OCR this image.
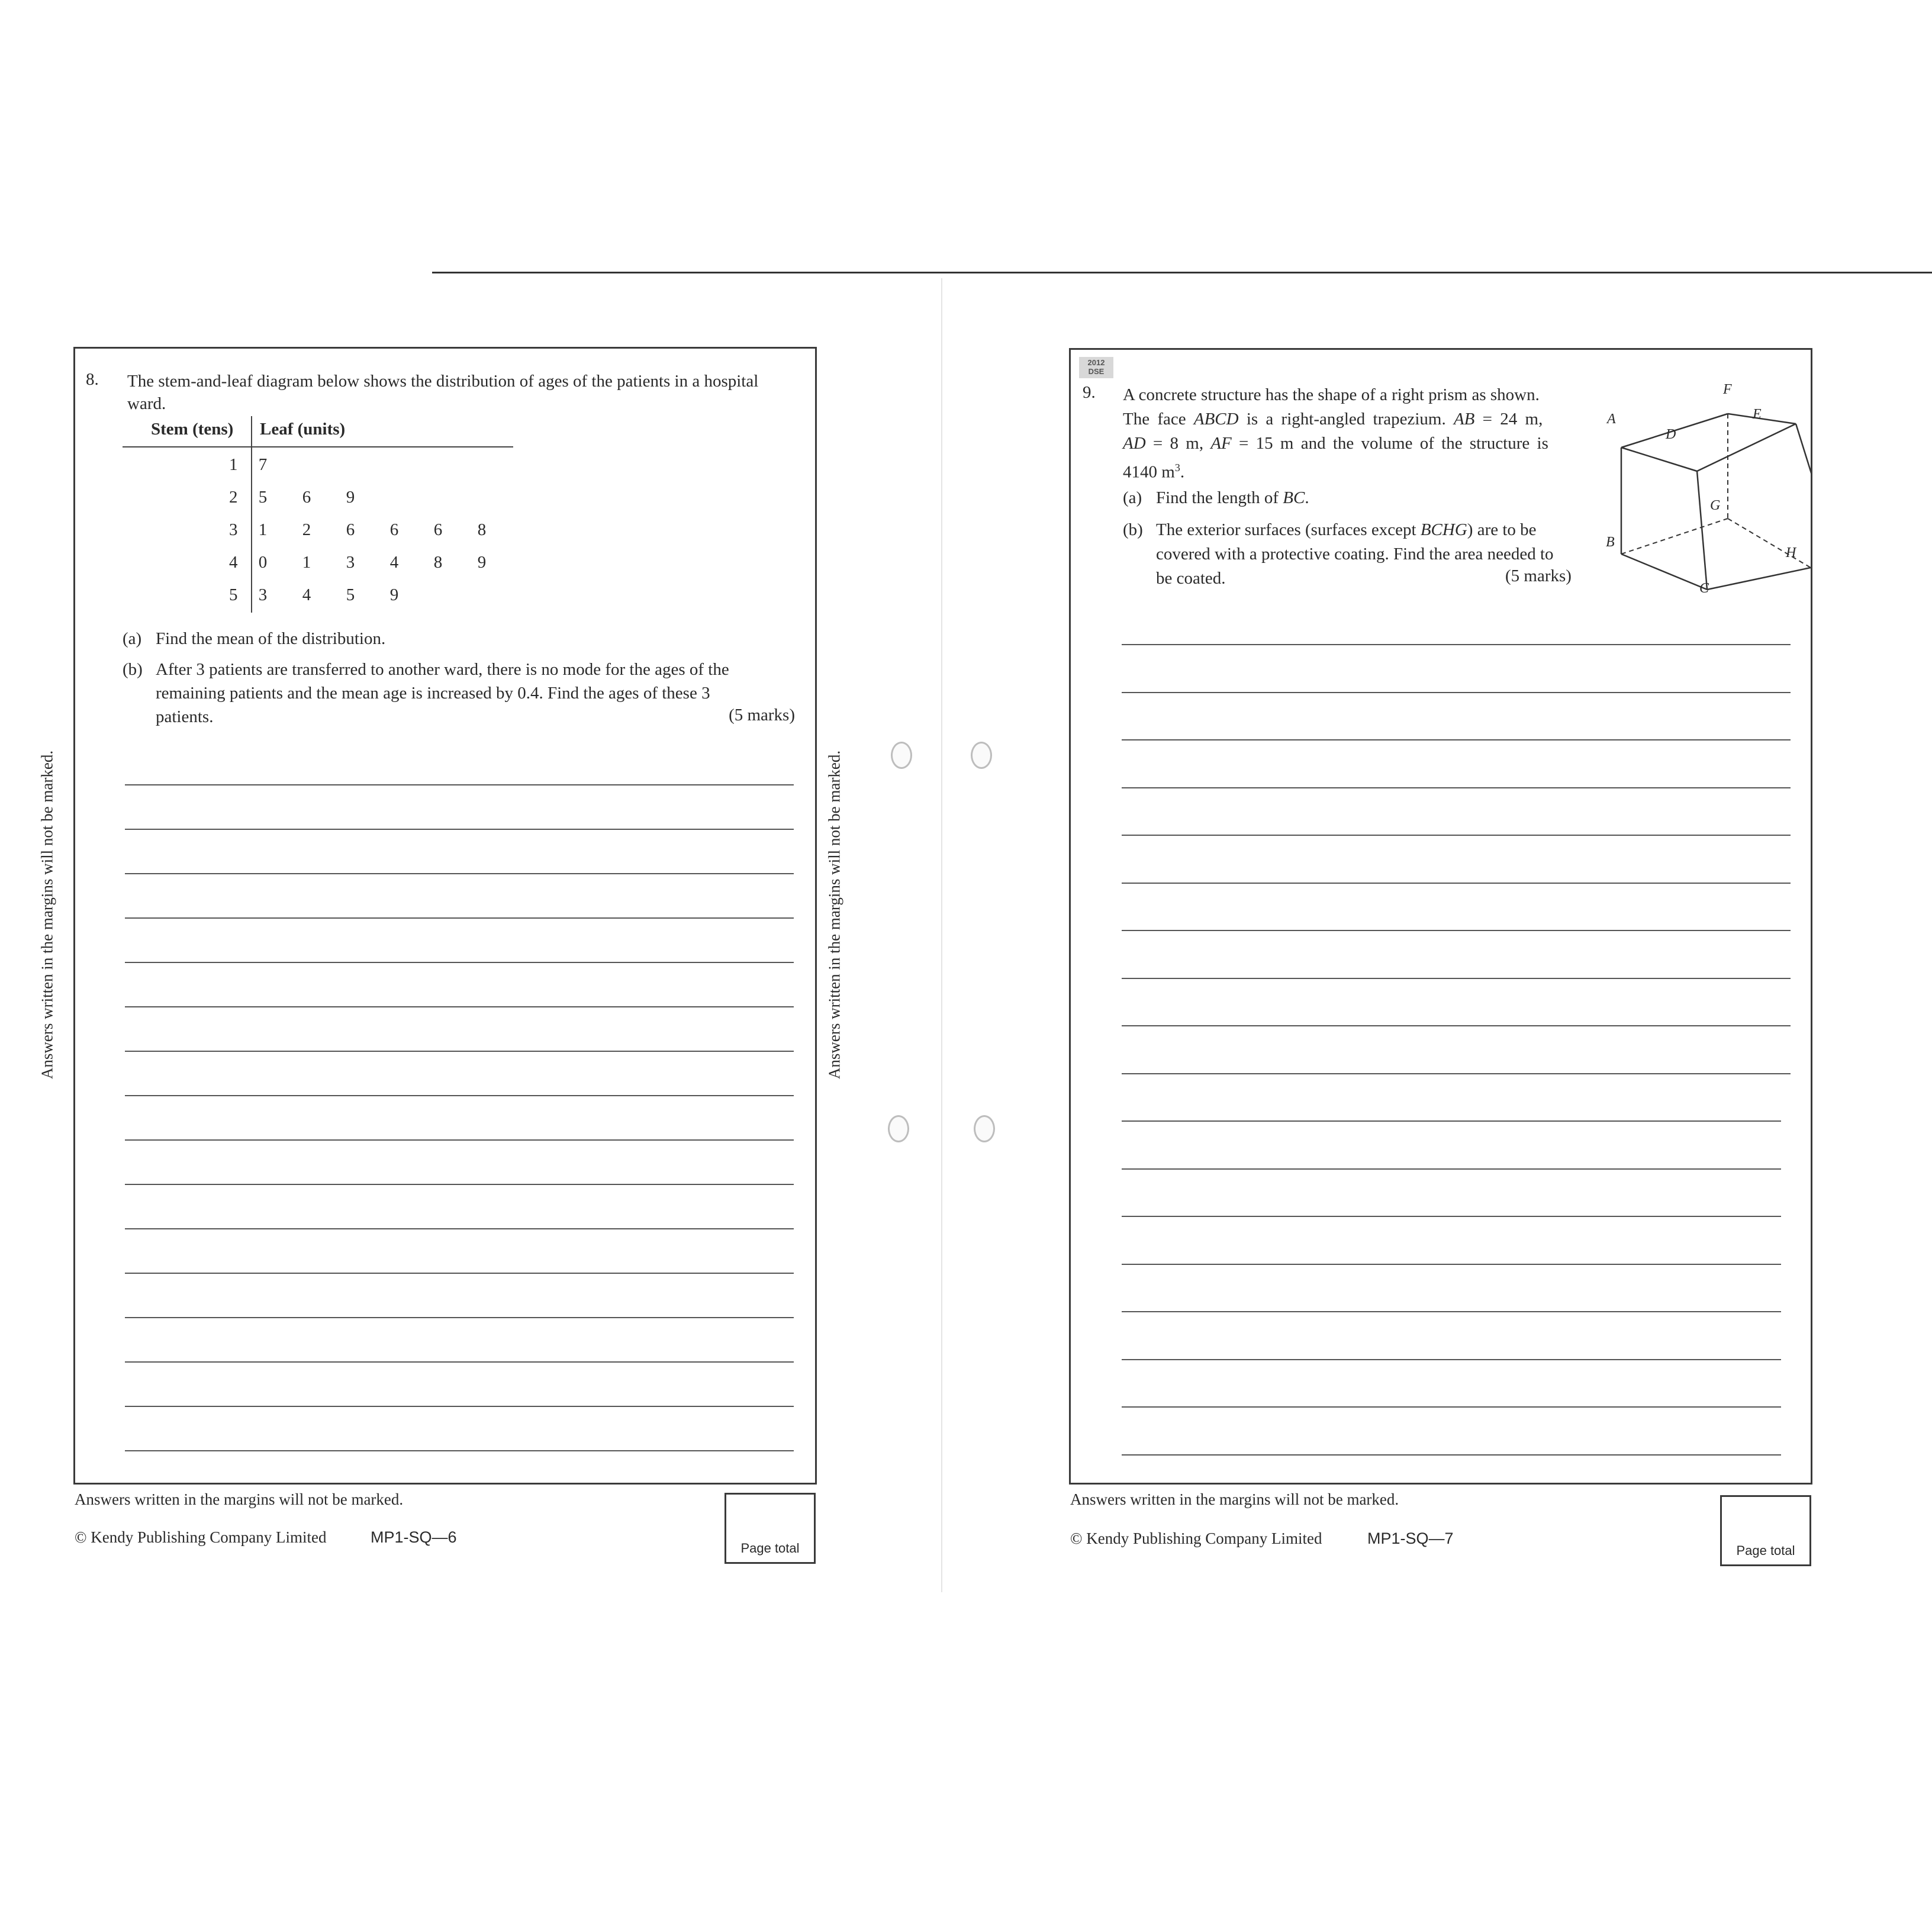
Answers written in the margins will not be marked.
8. The stem-and-leaf diagram below shows the distribution of ages of the patients in a hospital
ward.
Stem (tens) Leaf (units)
1 7
2 5 6 9
3 1 2 6 6 6 8
4 0 1 3 4 8 9
5 3 4 5 9
(a) Find the mean of the distribution.
(b) After 3 patients are transferred to another ward, there is no mode for the ages of the
remaining patients and the mean age is increased by 0.4. Find the ages of these 3
patients.	(5 marks)
Answers written in the margins will not be marked.
© Kendy Publishing Company Limited	MP1-SQ—6
Page total
Answers written in the margins will not be marked.
2012
DSE
9. A concrete structure has the shape of a right prism as shown.
The face ABCD is a right-angled trapezium. AB = 24 m,
AD = 8 m, AF = 15 m and the volume of the structure is
4140 $m^3$.
(a) Find the length of BC.
(b) The exterior surfaces (surfaces except BCHG) are to be
covered with a protective coating. Find the area needed to
be coated.	(5 marks)
F
E
A
D
G
B
H
C
Answers written in the margins will not be marked.
© Kendy Publishing Company Limited	MP1-SQ—7
Page total
